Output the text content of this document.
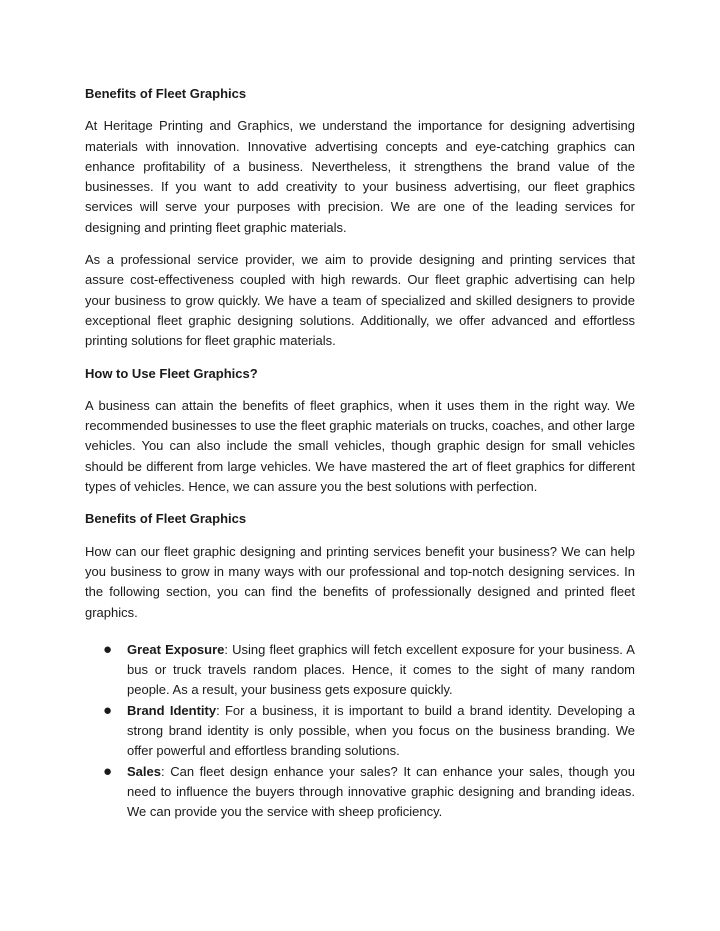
Benefits of Fleet Graphics

At Heritage Printing and Graphics, we understand the importance for designing advertising materials with innovation. Innovative advertising concepts and eye-catching graphics can enhance profitability of a business. Nevertheless, it strengthens the brand value of the businesses. If you want to add creativity to your business advertising, our fleet graphics services will serve your purposes with precision. We are one of the leading services for designing and printing fleet graphic materials.

As a professional service provider, we aim to provide designing and printing services that assure cost-effectiveness coupled with high rewards. Our fleet graphic advertising can help your business to grow quickly. We have a team of specialized and skilled designers to provide exceptional fleet graphic designing solutions. Additionally, we offer advanced and effortless printing solutions for fleet graphic materials.

How to Use Fleet Graphics?

A business can attain the benefits of fleet graphics, when it uses them in the right way. We recommended businesses to use the fleet graphic materials on trucks, coaches, and other large vehicles. You can also include the small vehicles, though graphic design for small vehicles should be different from large vehicles. We have mastered the art of fleet graphics for different types of vehicles. Hence, we can assure you the best solutions with perfection.

Benefits of Fleet Graphics

How can our fleet graphic designing and printing services benefit your business? We can help you business to grow in many ways with our professional and top-notch designing services. In the following section, you can find the benefits of professionally designed and printed fleet graphics.

● Great Exposure: Using fleet graphics will fetch excellent exposure for your business. A bus or truck travels random places. Hence, it comes to the sight of many random people. As a result, your business gets exposure quickly.
● Brand Identity: For a business, it is important to build a brand identity. Developing a strong brand identity is only possible, when you focus on the business branding. We offer powerful and effortless branding solutions.
● Sales: Can fleet design enhance your sales? It can enhance your sales, though you need to influence the buyers through innovative graphic designing and branding ideas. We can provide you the service with sheep proficiency.
